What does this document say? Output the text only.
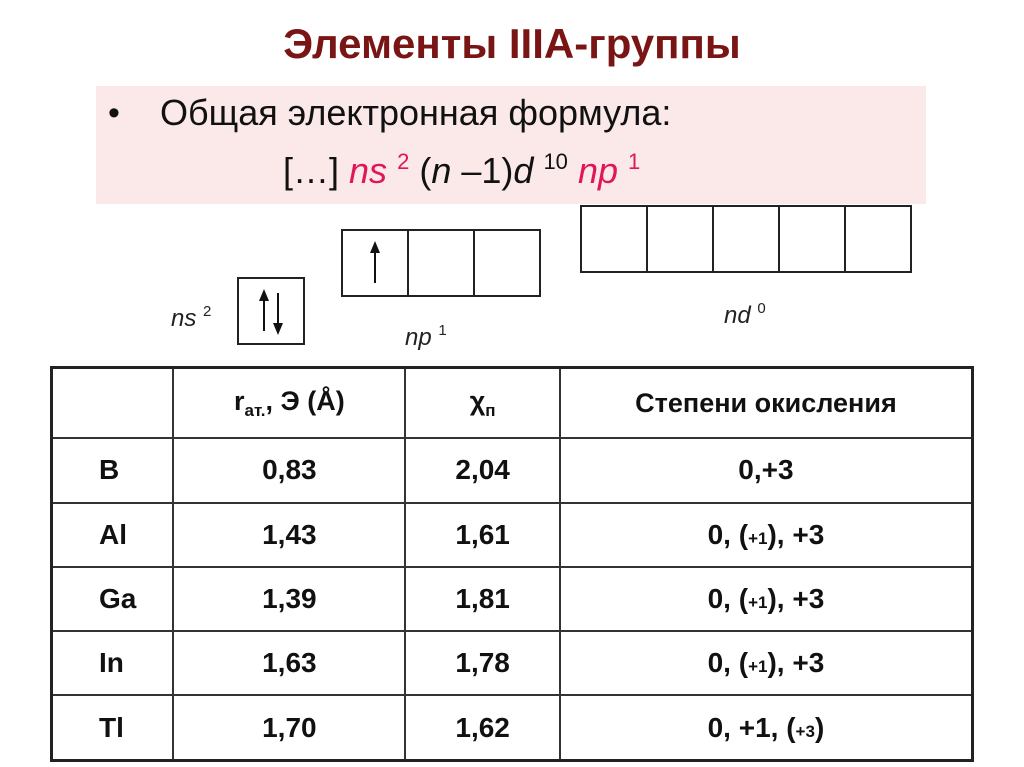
Элементы IIIA-группы
• Общая электронная формула:
[…] ns $^2$ (n –1)d $^{10}$ np $^1$
ns $^2$
np $^1$
nd $^0$
	$r_{ат.}$, Э (Å)	$\chi_п$	Степени окисления
B	0,83	2,04	0,+3
Al	1,43	1,61	0, (+1), +3
Ga	1,39	1,81	0, (+1), +3
In	1,63	1,78	0, (+1), +3
Tl	1,70	1,62	0, +1, (+3)
